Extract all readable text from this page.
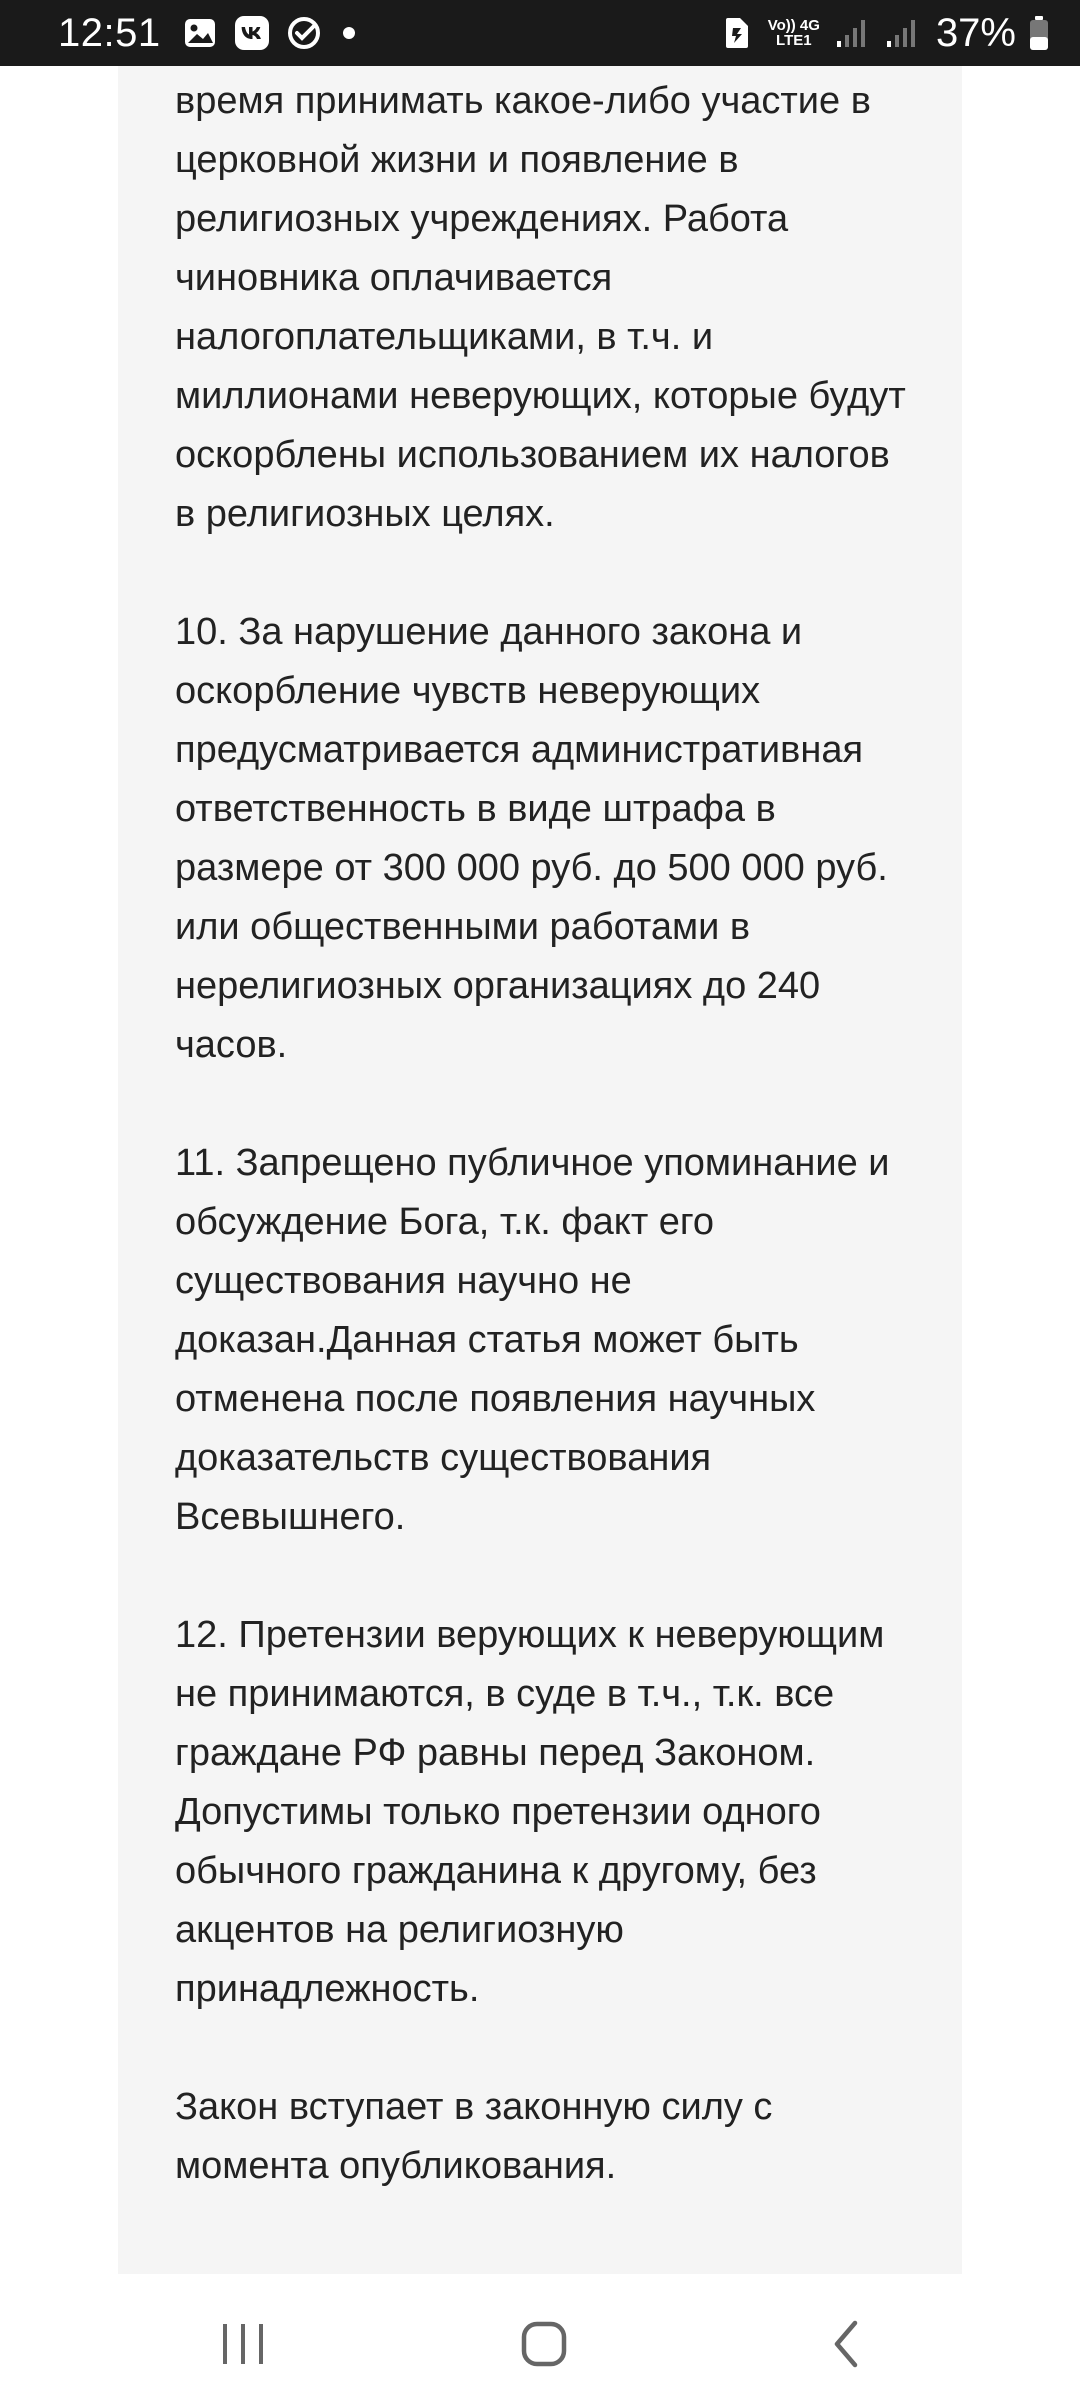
12:51	Vo)) 4G
LTE1	37%
время принимать какое-либо участие в церковной жизни и появление в религиозных учреждениях. Работа чиновника оплачивается налогоплательщиками, в т.ч. и миллионами неверующих, которые будут оскорблены использованием их налогов в религиозных целях.
10. За нарушение данного закона и оскорбление чувств неверующих предусматривается административная ответственность в виде штрафа в размере от 300 000 руб. до 500 000 руб. или общественными работами в нерелигиозных организациях до 240 часов.
11. Запрещено публичное упоминание и обсуждение Бога, т.к. факт его существования научно не доказан.Данная статья может быть отменена после появления научных доказательств существования Всевышнего.
12. Претензии верующих к неверующим не принимаются, в суде в т.ч., т.к. все граждане РФ равны перед Законом. Допустимы только претензии одного обычного гражданина к другому, без акцентов на религиозную принадлежность.
Закон вступает в законную силу с момента опубликования.
